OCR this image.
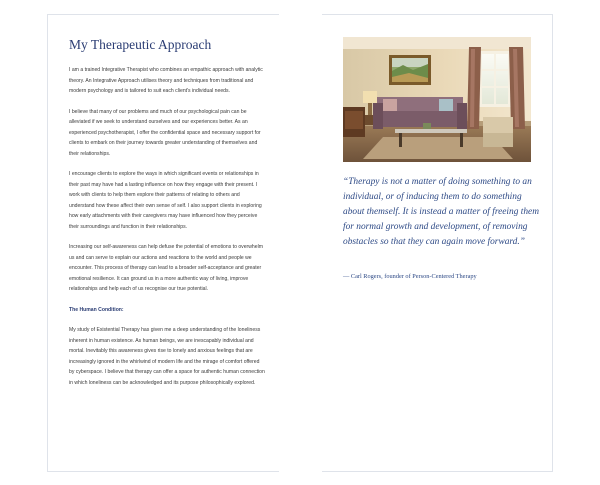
My Therapeutic Approach

I am a trained Integrative Therapist who combines an empathic approach with analytic theory. An Integrative Approach utilises theory and techniques from traditional and modern psychology and is tailored to suit each client's individual needs.

I believe that many of our problems and much of our psychological pain can be alleviated if we seek to understand ourselves and our experiences better. As an experienced psychotherapist, I offer the confidential space and necessary support for clients to embark on their journey towards greater understanding of themselves and their relationships.

I encourage clients to explore the ways in which significant events or relationships in their past may have had a lasting influence on how they engage with their present. I work with clients to help them explore their patterns of relating to others and understand how these affect their own sense of self. I also support clients in exploring how early attachments with their caregivers may have influenced how they perceive their surroundings and function in their relationships.

Increasing our self-awareness can help defuse the potential of emotions to overwhelm us and can serve to explain our actions and reactions to the world and people we encounter. This process of therapy can lead to a broader self-acceptance and greater emotional resilience. It can ground us in a more authentic way of living, improve relationships and help each of us recognise our true potential.

The Human Condition:

My study of Existential Therapy has given me a deep understanding of the loneliness inherent in human existence. As human beings, we are inescapably individual and mortal. Inevitably this awareness gives rise to lonely and anxious feelings that are increasingly ignored in the whirlwind of modern life and the mirage of comfort offered by cyberspace. I believe that therapy can offer a space for authentic human connection in which loneliness can be acknowledged and its purpose philosophically explored.

“Therapy is not a matter of doing something to an individual, or of inducing them to do something about themself. It is instead a matter of freeing them for normal growth and development, of removing obstacles so that they can again move forward.”

— Carl Rogers, founder of Person-Centered Therapy
